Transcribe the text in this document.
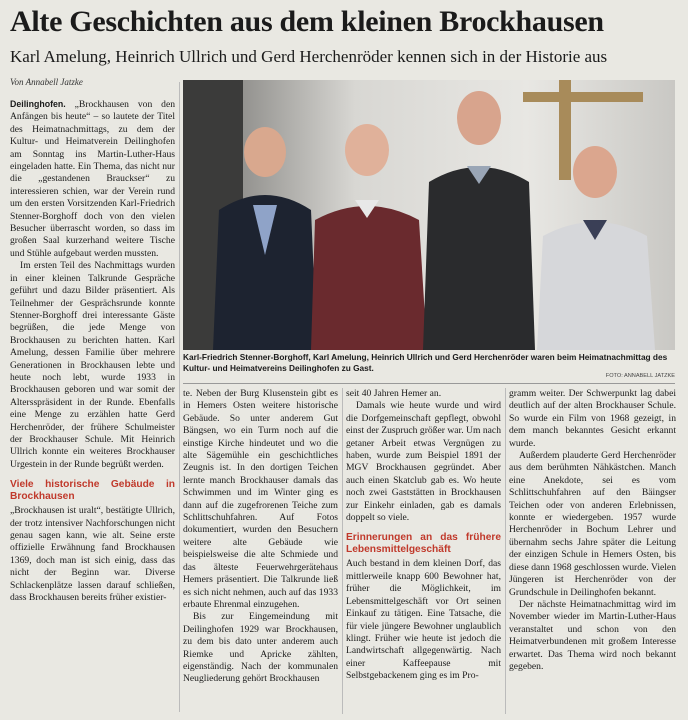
Alte Geschichten aus dem kleinen Brockhausen
Karl Amelung, Heinrich Ullrich und Gerd Herchenröder kennen sich in der Historie aus
Von Annabell Jatzke

Deilinghofen. „Brockhausen von den Anfängen bis heute“ – so lautete der Titel des Heimatnachmittags, zu dem der Kultur- und Heimatverein Deilinghofen am Sonntag ins Martin-Luther-Haus eingeladen hatte. Ein Thema, das nicht nur die „gestandenen Brauckser“ zu interessieren schien, war der Verein rund um den ersten Vorsitzenden Karl-Friedrich Stenner-Borghoff doch von den vielen Besucher überrascht worden, so dass im großen Saal kurzerhand weitere Tische und Stühle aufgebaut werden mussten.

Im ersten Teil des Nachmittags wurden in einer kleinen Talkrunde Gespräche geführt und dazu Bilder präsentiert. Als Teilnehmer der Gesprächsrunde konnte Stenner-Borghoff drei interessante Gäste begrüßen, die jede Menge von Brockhausen zu berichten hatten. Karl Amelung, dessen Familie über mehrere Generationen in Brockhausen lebte und heute noch lebt, wurde 1933 in Brockhausen geboren und war somit der Altersspräsident in der Runde. Ebenfalls eine Menge zu erzählen hatte Gerd Herchenröder, der frühere Schulmeister der Brockhauser Schule. Mit Heinrich Ullrich konnte ein weiteres Brockhauser Urgestein in der Runde begrüßt werden.

Viele historische Gebäude in Brockhausen

„Brockhausen ist uralt“, bestätigte Ullrich, der trotz intensiver Nachforschungen nicht genau sagen kann, wie alt. Seine erste offizielle Erwähnung fand Brockhausen 1369, doch man ist sich einig, dass das nicht der Beginn war. Diverse Schlackenplätze lassen darauf schließen, dass Brockhausen bereits früher existier-

Karl-Friedrich Stenner-Borghoff, Karl Amelung, Heinrich Ullrich und Gerd Herchenröder waren beim Heimatnachmittag des Kultur- und Heimatvereins Deilinghofen zu Gast.
FOTO: ANNABELL JATZKE

te. Neben der Burg Klusenstein gibt es in Hemers Osten weitere historische Gebäude. So unter anderem Gut Bängsen, wo ein Turm noch auf die einstige Kirche hindeutet und wo die alte Sägemühle ein geschichtliches Zeugnis ist. In den dortigen Teichen lernte manch Brockhauser damals das Schwimmen und im Winter ging es dann auf die zugefrorenen Teiche zum Schlittschuhfahren. Auf Fotos dokumentiert, wurden den Besuchern weitere alte Gebäude wie beispielsweise die alte Schmiede und das älteste Feuerwehrgerätehaus Hemers präsentiert. Die Talkrunde ließ es sich nicht nehmen, auch auf das 1933 erbaute Ehrenmal einzugehen.

Bis zur Eingemeindung mit Deilinghofen 1929 war Brockhausen, zu dem bis dato unter anderem auch Riemke und Apricke zählten, eigenständig. Nach der kommunalen Neugliederung gehört Brockhausen

seit 40 Jahren Hemer an.

Damals wie heute wurde und wird die Dorfgemeinschaft gepflegt, obwohl einst der Zuspruch größer war. Um nach getaner Arbeit etwas Vergnügen zu haben, wurde zum Beispiel 1891 der MGV Brockhausen gegründet. Aber auch einen Skatclub gab es. Wo heute noch zwei Gaststätten in Brockhausen zur Einkehr einladen, gab es damals doppelt so viele.

Erinnerungen an das frühere Lebensmittelgeschäft

Auch bestand in dem kleinen Dorf, das mittlerweile knapp 600 Bewohner hat, früher die Möglichkeit, im Lebensmittelgeschäft vor Ort seinen Einkauf zu tätigen. Eine Tatsache, die für viele jüngere Bewohner unglaublich klingt. Früher wie heute ist jedoch die Landwirtschaft allgegenwärtig. Nach einer Kaffeepause mit Selbstgebackenem ging es im Pro-

gramm weiter. Der Schwerpunkt lag dabei deutlich auf der alten Brockhauser Schule. So wurde ein Film von 1968 gezeigt, in dem manch bekanntes Gesicht erkannt wurde.

Außerdem plauderte Gerd Herchenröder aus dem berühmten Nähkästchen. Manch eine Anekdote, sei es vom Schlittschuhfahren auf den Bäingser Teichen oder von anderen Erlebnissen, konnte er wiedergeben. 1957 wurde Herchenröder in Bochum Lehrer und übernahm sechs Jahre später die Leitung der einzigen Schule in Hemers Osten, bis diese dann 1968 geschlossen wurde. Vielen Jüngeren ist Herchenröder von der Grundschule in Deilinghofen bekannt.

Der nächste Heimatnachmittag wird im November wieder im Martin-Luther-Haus veranstaltet und schon von den Heimatverbundenen mit großem Interesse erwartet. Das Thema wird noch bekannt gegeben.
